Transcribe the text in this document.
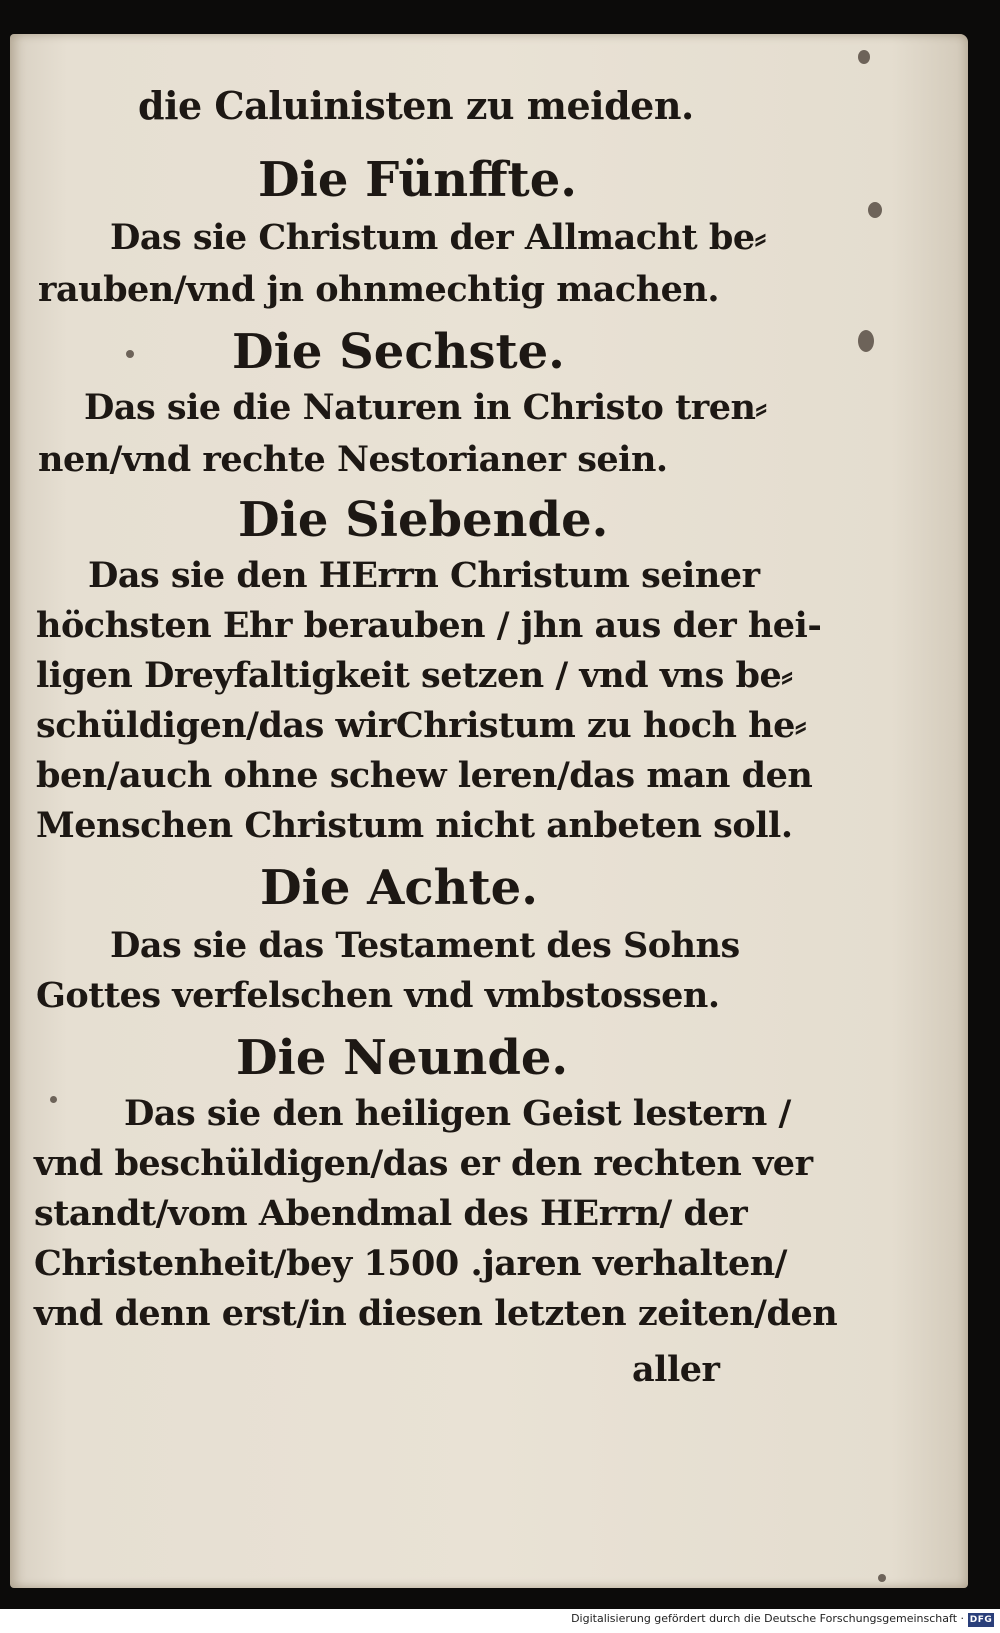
die Caluinisten zu meiden.
Die Fünffte.
Das sie Christum der Allmacht be⸗
rauben/vnd jn ohnmechtig machen.
Die Sechste.
Das sie die Naturen in Christo tren⸗
nen/vnd rechte Nestorianer sein.
Die Siebende.
Das sie den HErrn Christum seiner
höchsten Ehr berauben / jhn aus der hei-
ligen Dreyfaltigkeit setzen / vnd vns be⸗
schüldigen/das wirChristum zu hoch he⸗
ben/auch ohne schew leren/das man den
Menschen Christum nicht anbeten soll.
Die Achte.
Das sie das Testament des Sohns
Gottes verfelschen vnd vmbstossen.
Die Neunde.
Das sie den heiligen Geist lestern /
vnd beschüldigen/das er den rechten ver
standt/vom Abendmal des HErrn/ der
Christenheit/bey 1500 .jaren verhalten/
vnd denn erst/in diesen letzten zeiten/den
aller
Digitalisierung gefördert durch die Deutsche Forschungsgemeinschaft · DFG
